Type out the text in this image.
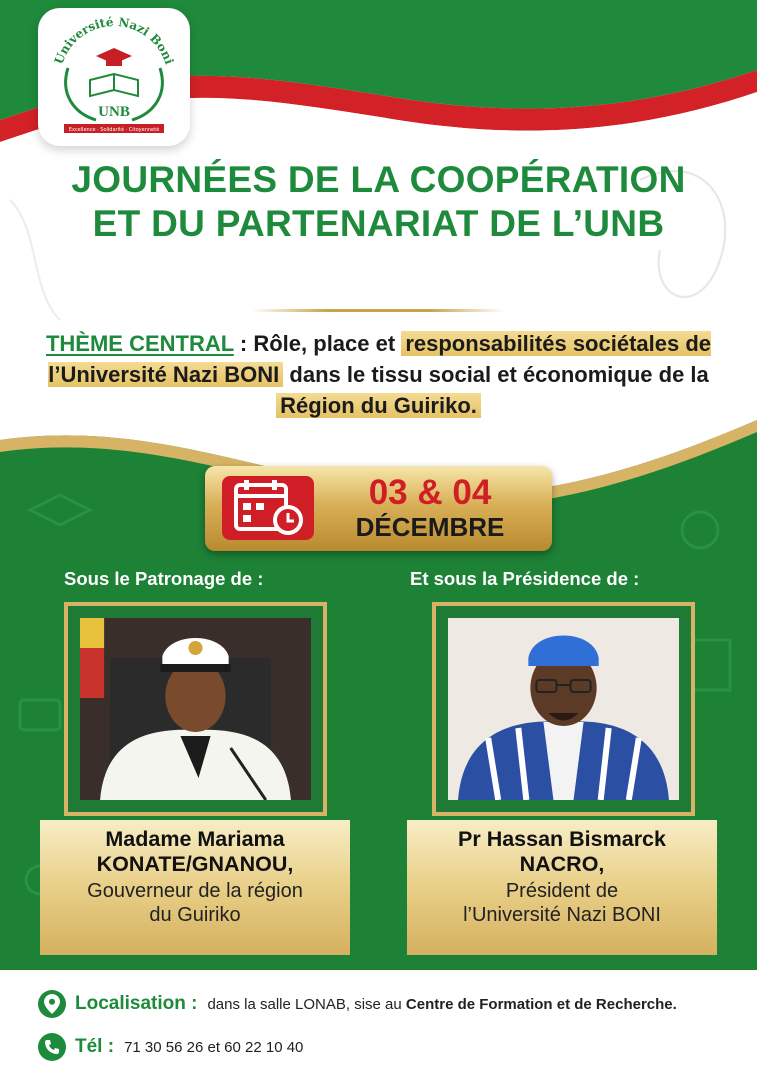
Université Nazi Boni
UNB
Excellence · Solidarité · Citoyenneté
JOURNÉES DE LA COOPÉRATION
ET DU PARTENARIAT DE L’UNB
THÈME CENTRAL : Rôle, place et responsabilités sociétales de l’Université Nazi BONI dans le tissu social et économique de la Région du Guiriko.
03 & 04
DÉCEMBRE
Sous le Patronage de :	Et sous la Présidence de :
Madame Mariama
KONATE/GNANOU,
Gouverneur de la région
du Guiriko
Pr Hassan Bismarck
NACRO,
Président de
l’Université Nazi BONI
Localisation : dans la salle LONAB, sise au Centre de Formation et de Recherche.
Tél : 71 30 56 26 et 60 22 10 40
